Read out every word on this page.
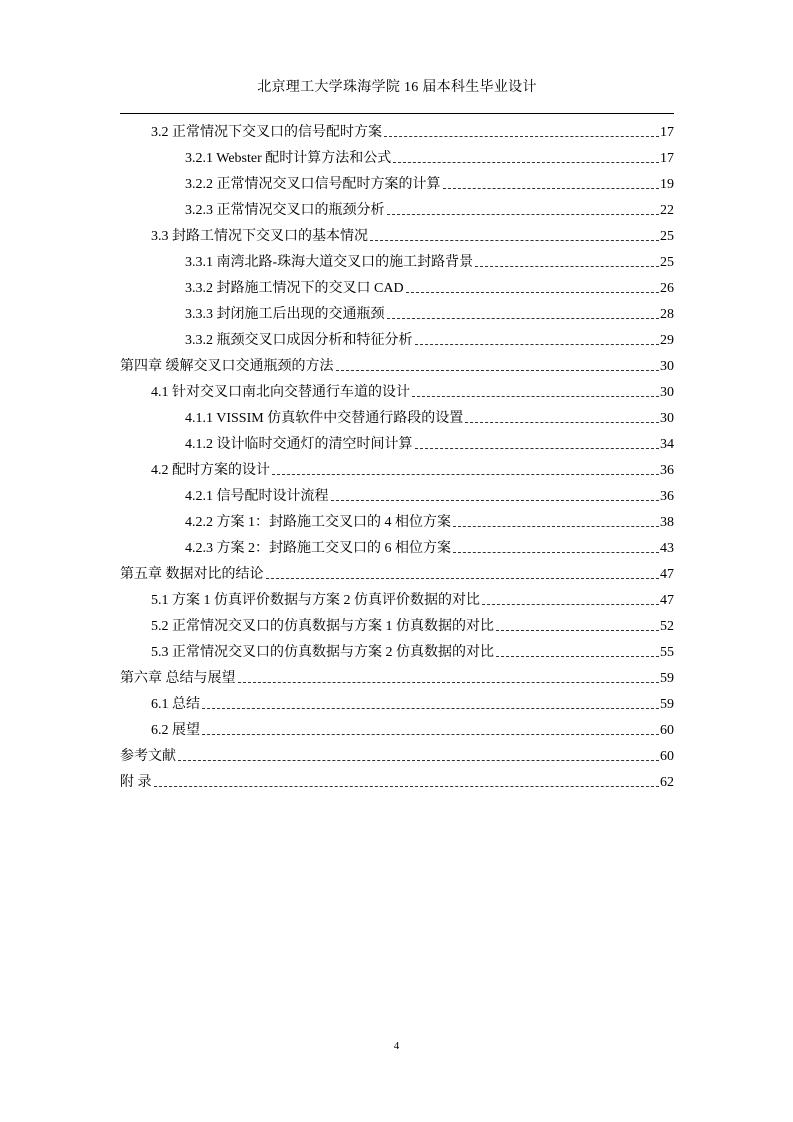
北京理工大学珠海学院 16 届本科生毕业设计
3.2 正常情况下交叉口的信号配时方案	17
3.2.1 Webster 配时计算方法和公式	17
3.2.2 正常情况交叉口信号配时方案的计算	19
3.2.3 正常情况交叉口的瓶颈分析	22
3.3 封路工情况下交叉口的基本情况	25
3.3.1 南湾北路-珠海大道交叉口的施工封路背景	25
3.3.2 封路施工情况下的交叉口 CAD	26
3.3.3 封闭施工后出现的交通瓶颈	28
3.3.2 瓶颈交叉口成因分析和特征分析	29
第四章 缓解交叉口交通瓶颈的方法	30
4.1 针对交叉口南北向交替通行车道的设计	30
4.1.1 VISSIM 仿真软件中交替通行路段的设置	30
4.1.2 设计临时交通灯的清空时间计算	34
4.2 配时方案的设计	36
4.2.1 信号配时设计流程	36
4.2.2 方案 1：封路施工交叉口的 4 相位方案	38
4.2.3 方案 2：封路施工交叉口的 6 相位方案	43
第五章 数据对比的结论	47
5.1 方案 1 仿真评价数据与方案 2 仿真评价数据的对比	47
5.2 正常情况交叉口的仿真数据与方案 1 仿真数据的对比	52
5.3 正常情况交叉口的仿真数据与方案 2 仿真数据的对比	55
第六章 总结与展望	59
6.1 总结	59
6.2 展望	60
参考文献	60
附 录	62
4
